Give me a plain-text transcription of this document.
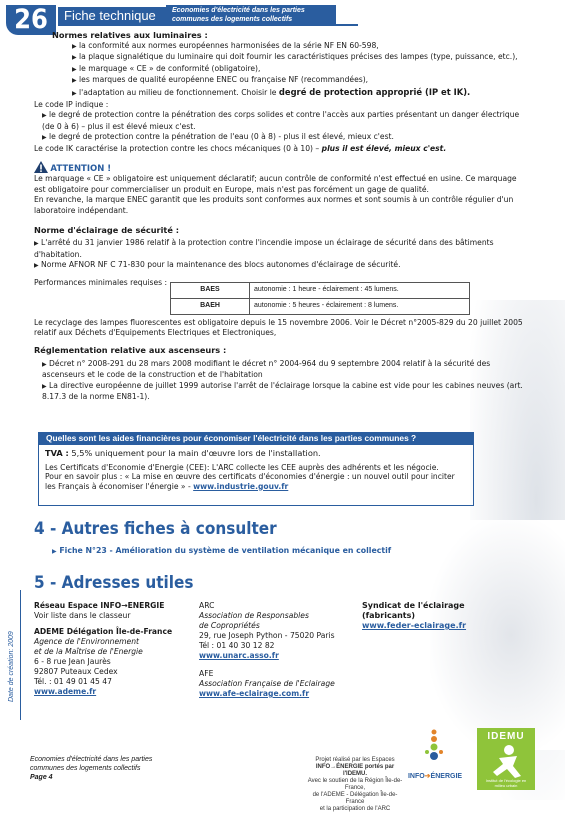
26	Fiche technique	Economies d'électricité dans les parties
communes des logements collectifs

Normes relatives aux luminaires :

▶ la conformité aux normes européennes harmonisées de la série NF EN 60-598,

▶ la plaque signalétique du luminaire qui doit fournir les caractéristiques précises des lampes (type, puissance, etc.),

▶ le marquage « CE » de conformité (obligatoire),

▶ les marques de qualité européenne ENEC ou française NF (recommandées),

▶ l'adaptation au milieu de fonctionnement. Choisir le degré de protection approprié (IP et IK).

Le code IP indique :

▶ le degré de protection contre la pénétration des corps solides et contre l'accès aux parties présentant un danger électrique (de 0 à 6) – plus il est élevé mieux c'est.

▶ le degré de protection contre la pénétration de l'eau (0 à 8) - plus il est élevé, mieux c'est.

Le code IK caractérise la protection contre les chocs mécaniques (0 à 10) – plus il est élevé, mieux c'est.

ATTENTION !

Le marquage « CE » obligatoire est uniquement déclaratif; aucun contrôle de conformité n'est effectué en usine. Ce marquage est obligatoire pour commercialiser un produit en Europe, mais n'est pas forcément un gage de qualité.

En revanche, la marque ENEC garantit que les produits sont conformes aux normes et sont soumis à un contrôle régulier d'un laboratoire indépendant.

Norme d'éclairage de sécurité :

▶ L'arrêté du 31 janvier 1986 relatif à la protection contre l'incendie impose un éclairage de sécurité dans des bâtiments d'habitation.

▶ Norme AFNOR NF C 71-830 pour la maintenance des blocs autonomes d'éclairage de sécurité.

Performances minimales requises :

BAES	autonomie : 1 heure - éclairement : 45 lumens.
BAEH	autonomie : 5 heures - éclairement : 8 lumens.

Le recyclage des lampes fluorescentes est obligatoire depuis le 15 novembre 2006. Voir le Décret n°2005-829 du 20 juillet 2005 relatif aux Déchets d'Equipements Electriques et Electroniques,

Réglementation relative aux ascenseurs :

▶ Décret n° 2008-291 du 28 mars 2008 modifiant le décret n° 2004-964 du 9 septembre 2004 relatif à la sécurité des ascenseurs et le code de la construction et de l'habitation

▶ La directive européenne de juillet 1999 autorise l'arrêt de l'éclairage lorsque la cabine est vide pour les cabines neuves (art. 8.17.3 de la norme EN81-1).

Quelles sont les aides financières pour économiser l'électricité dans les parties communes ?

TVA : 5,5% uniquement pour la main d'œuvre lors de l'installation.

Les Certificats d'Economie d'Energie (CEE): L'ARC collecte les CEE auprès des adhérents et les négocie.

Pour en savoir plus : « La mise en œuvre des certificats d'économies d'énergie : un nouvel outil pour inciter les Français à économiser l'énergie » - www.industrie.gouv.fr

4 - Autres fiches à consulter
▶ Fiche N°23 - Amélioration du système de ventilation mécanique en collectif
5 - Adresses utiles

Réseau Espace INFO→ENERGIE

Voir liste dans le classeur

ADEME Délégation Île-de-France

Agence de l'Environnement

et de la Maîtrise de l'Energie

6 - 8 rue Jean Jaurès

92807 Puteaux Cedex

Tél. : 01 49 01 45 47

www.ademe.fr

ARC

Association de Responsables

de Copropriétés

29, rue Joseph Python - 75020 Paris

Tél : 01 40 30 12 82

www.unarc.asso.fr

AFE

Association Française de l'Eclairage

www.afe-eclairage.com.fr

Syndicat de l'éclairage

(fabricants)

www.feder-eclairage.fr

Date de création: 2009
Economies d'électricité dans les parties
communes des logements collectifs
Page 4
Projet réalisé par les Espaces
INFO→ÉNERGIE portés par l'IDEMU.
Avec le soutien de la Région Île-de-France,
de l'ADEME - Délégation Île-de-France
et la participation de l'ARC
INFO➔ÉNERGIE
IDEMU
Institut de l'écologie en milieu urbain
